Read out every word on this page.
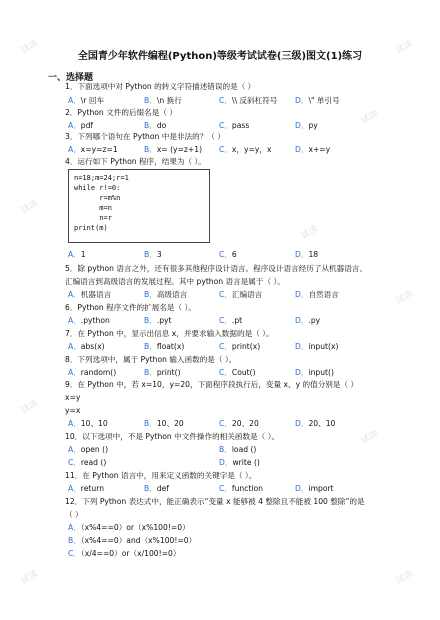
全国青少年软件编程(Python)等级考试试卷(三级)图文(1)练习
一、选择题
1．下面选项中对 Python 的转义字符描述错误的是（ ）
A．\r 回车	B．\n 换行	C．\\ 反斜杠符号 D．\" 单引号
2．Python 文件的后缀名是（ ）
A．pdf	B．do	C．pass	D．py
3．下列哪个语句在 Python 中是非法的？（ ）
A．x=y=z=1	B．x= (y=z+1) C．x，y=y，x	D．x+=y
4．运行如下 Python 程序，结果为（ ）。
n=18;m=24;r=1
while r!=0:
r=m%n
m=n
n=r
print(m)
A．1	B．3	C．6	D．18
5．除 python 语言之外，还有很多其他程序设计语言。程序设计语言经历了从机器语言、
汇编语言到高级语言的发展过程。其中 python 语言是属于（ ）。
A．机器语言	B．高级语言	C．汇编语言	D．自然语言
6．Python 程序文件的扩展名是（ ）。
A．.python	B．.pyt	C．.pt	D．.py
7．在 Python 中，显示出信息 x，并要求输入数据的是（ ）。
A．abs(x)	B．float(x)	C．print(x)	D．input(x)
8．下列选项中，属于 Python 输入函数的是（ ）。
A．random()	B．print()	C．Cout()	D．input()
9．在 Python 中，若 x=10，y=20，下面程序段执行后，变量 x、y 的值分别是（ ）
x=y
y=x
A．10、10	B．10、20	C．20、20	D．20、10
10．以下选项中，不是 Python 中文件操作的相关函数是（ ）。
A．open ()	B．load ()
C．read ()	D．write ()
11．在 Python 语言中，用来定义函数的关键字是（ ）。
A．return	B．def	C．function	D．import
12．下列 Python 表达式中，能正确表示“变量 x 能够被 4 整除且不能被 100 整除”的是
（ ）
A．（x%4==0）or（x%100!=0）
B．（x%4==0）and（x%100!=0）
C．（x/4==0）or（x/100!=0）
试读	试读
试读
试读
试读
试读
试读
试读
试读	试读
